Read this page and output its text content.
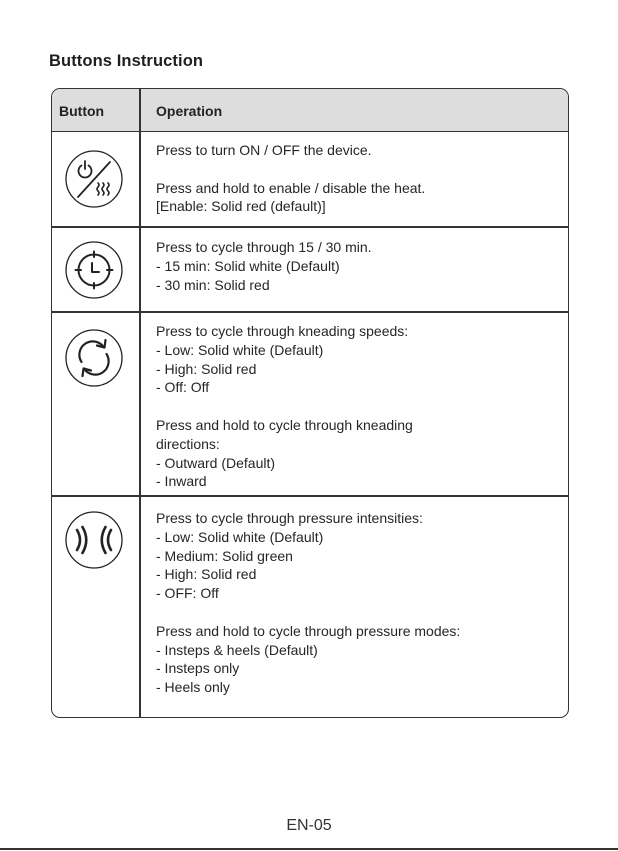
Buttons Instruction
Button	Operation
Press to turn ON / OFF the device.
Press and hold to enable / disable the heat.
[Enable: Solid red (default)]
Press to cycle through 15 / 30 min.
- 15 min: Solid white (Default)
- 30 min: Solid red
Press to cycle through kneading speeds:
- Low: Solid white (Default)
- High: Solid red
- Off: Off
Press and hold to cycle through kneading
directions:
- Outward (Default)
- Inward
Press to cycle through pressure intensities:
- Low: Solid white (Default)
- Medium: Solid green
- High: Solid red
- OFF: Off
Press and hold to cycle through pressure modes:
- Insteps & heels (Default)
- Insteps only
- Heels only
EN-05
